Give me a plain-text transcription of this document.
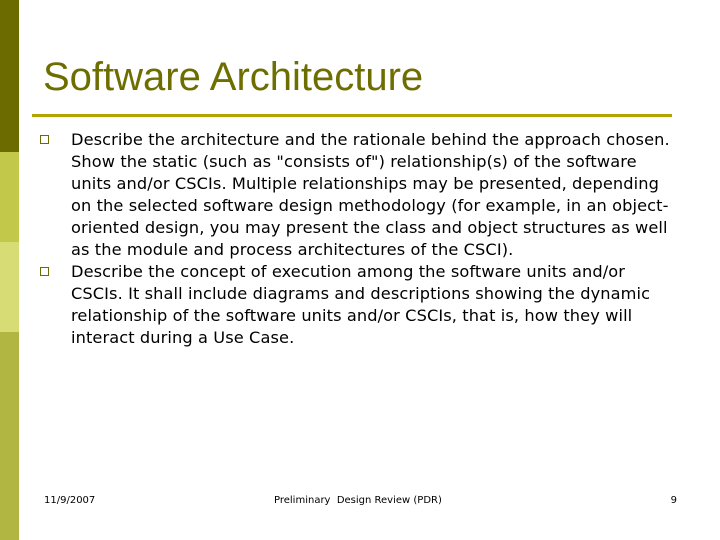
Software Architecture
Describe the architecture and the rationale behind the approach chosen. Show the static (such as "consists of") relationship(s) of the software units and/or CSCIs. Multiple relationships may be presented, depending on the selected software design methodology (for example, in an object-oriented design, you may present the class and object structures as well as the module and process architectures of the CSCI).
Describe the concept of execution among the software units and/or CSCIs. It shall include diagrams and descriptions showing the dynamic relationship of the software units and/or CSCIs, that is, how they will interact during a Use Case.
11/9/2007	Preliminary  Design Review (PDR)	9
